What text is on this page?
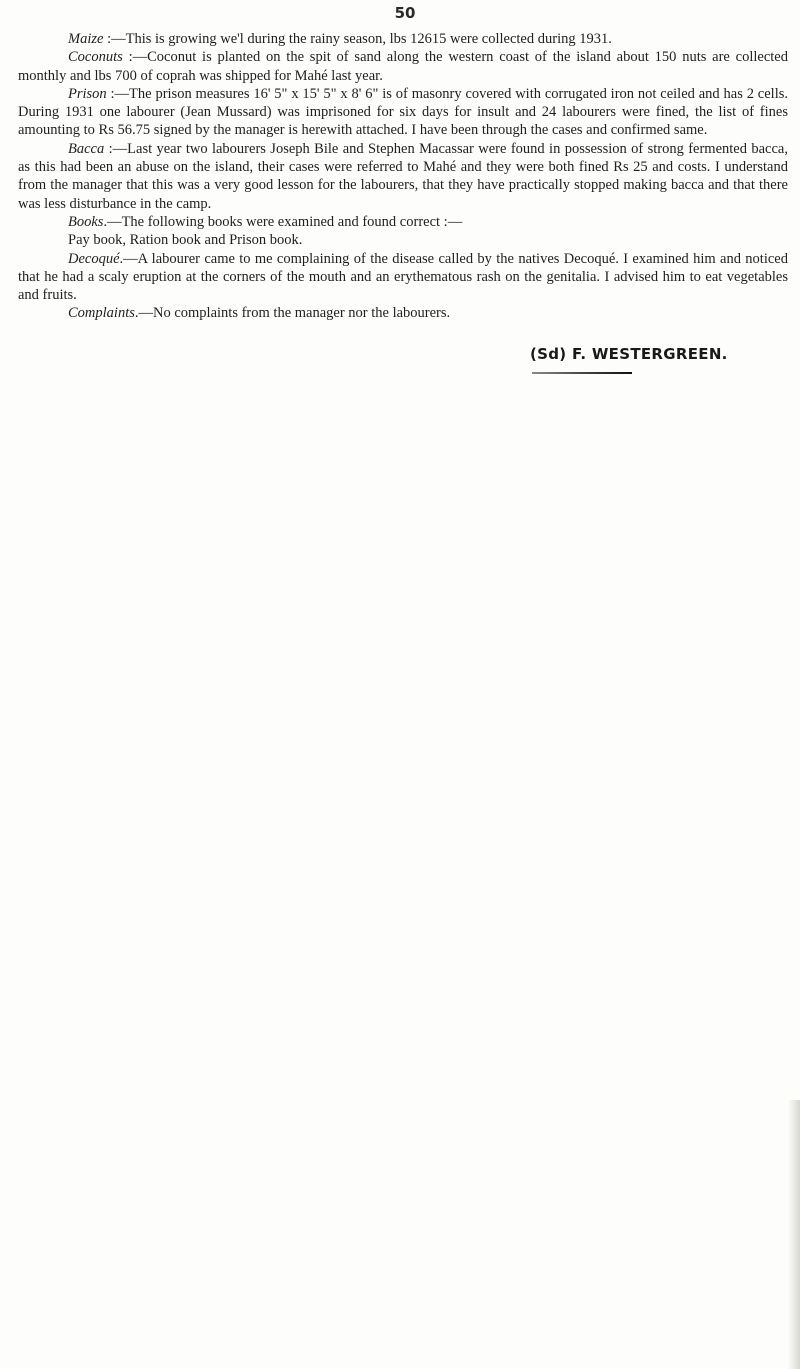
50

Maize :—This is growing we'l during the rainy season, lbs 12615 were collected during 1931.

Coconuts :—Coconut is planted on the spit of sand along the western coast of the island about 150 nuts are collected monthly and lbs 700 of coprah was shipped for Mahé last year.

Prison :—The prison measures 16' 5" x 15' 5" x 8' 6" is of masonry covered with corrugated iron not ceiled and has 2 cells. During 1931 one labourer (Jean Mussard) was imprisoned for six days for insult and 24 labourers were fined, the list of fines amounting to Rs 56.75 signed by the manager is herewith attached. I have been through the cases and confirmed same.

Bacca :—Last year two labourers Joseph Bile and Stephen Macassar were found in possession of strong fermented bacca, as this had been an abuse on the island, their cases were referred to Mahé and they were both fined Rs 25 and costs. I understand from the manager that this was a very good lesson for the labourers, that they have practically stopped making bacca and that there was less disturbance in the camp.

Books.—The following books were examined and found correct :—

Pay book, Ration book and Prison book.

Decoqué.—A labourer came to me complaining of the disease called by the natives Decoqué. I examined him and noticed that he had a scaly eruption at the corners of the mouth and an erythematous rash on the genitalia. I advised him to eat vegetables and fruits.

Complaints.—No complaints from the manager nor the labourers.

(Sd) F. WESTERGREEN.
